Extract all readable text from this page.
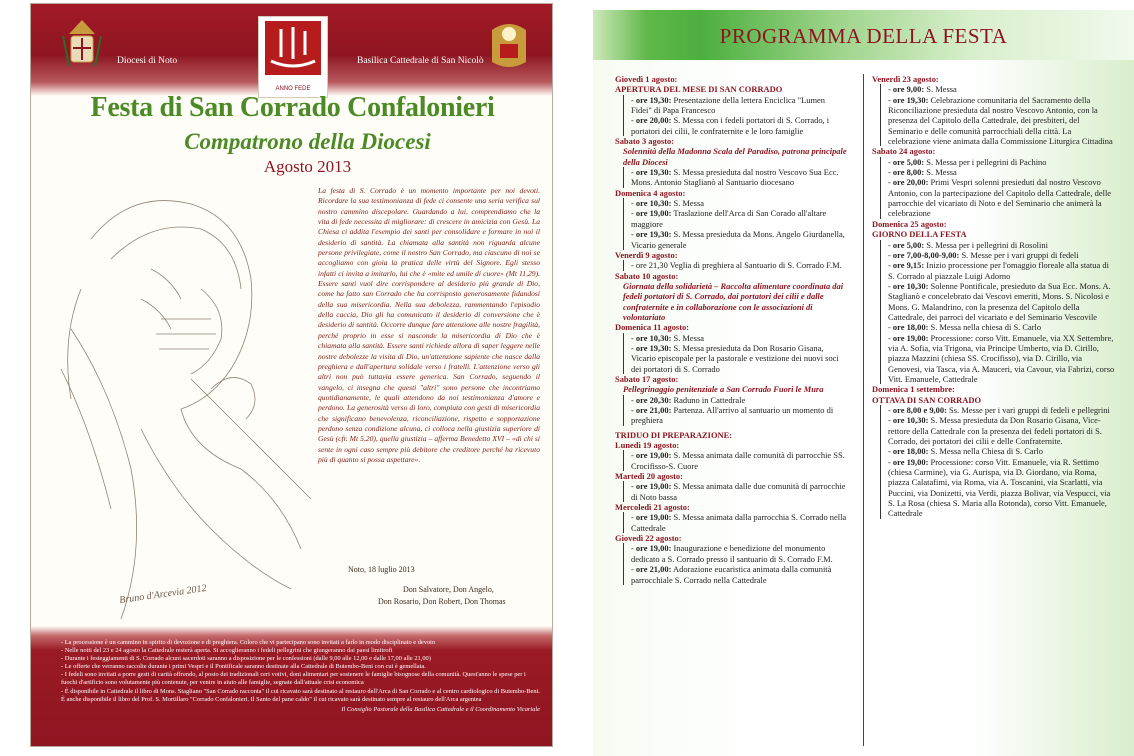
Diocesi di Noto
ANNO FEDE
Basilica Cattedrale di San Nicolò
Festa di San Corrado Confalonieri
Compatrono della Diocesi
Agosto 2013
La festa di S. Corrado è un momento importante per noi devoti. Ricordare la sua testimonianza di fede ci consente una seria verifica sul nostro cammino discepolare. Guardando a lui, comprendiamo che la vita di fede necessita di migliorare: di crescere in amicizia con Gesù. La Chiesa ci addita l'esempio dei santi per consolidare e formare in noi il desiderio di santità. La chiamata alla santità non riguarda alcune persone privilegiate, come il nostro San Corrado, ma ciascuno di noi se accogliamo con gioia la pratica delle virtù del Signore. Egli stesso infatti ci invita a imitarlo, lui che è «mite ed umile di cuore» (Mt 11,29). Essere santi vuol dire corrispondere al desiderio più grande di Dio, come ha fatto san Corrado che ha corrisposto generosamente fidandosi della sua misericordia. Nella sua debolezza, rammentando l'episodio della caccia, Dio gli ha comunicato il desiderio di conversione che è desiderio di santità. Occorre dunque fare attenzione alle nostre fragilità, perché proprio in esse si nasconde la misericordia di Dio che è chiamata alla santità. Essere santi richiede allora di saper leggere nelle nostre debolezze la visita di Dio, un'attenzione sapiente che nasce dalla preghiera e dall'apertura solidale verso i fratelli. L'attenzione verso gli altri non può tuttavia essere generica. San Corrado, seguendo il vangelo, ci insegna che questi "altri" sono persone che incontriamo quotidianamente, le quali attendono da noi testimonianza d'amore e perdono. La generosità verso di loro, compiuta con gesti di misericordia che significano benevolenza, riconciliazione, rispetto e sopportazione perdono senza condizione alcuna, ci colloca nella giustizia superiore di Gesù (cfr. Mt 5,20), quella giustizia – afferma Benedetto XVI – «di chi si sente in ogni caso sempre più debitore che creditore perché ha ricevuto più di quanto si possa aspettare».
Noto, 18 luglio 2013
Don Salvatore, Don Angelo,
Don Rosario, Don Robert, Don Thomas
Bruno d'Arcevia 2012

- La processione è un cammino in spirito di devozione e di preghiera. Coloro che vi partecipano sono invitati a farlo in modo disciplinato e devoto

- Nelle notti del 23 e 24 agosto la Cattedrale resterà aperta. Si accoglieranno i fedeli pellegrini che giungeranno dai paesi limitrofi

- Durante i festeggiamenti di S. Corrado alcuni sacerdoti saranno a disposizione per le confessioni (dalle 9,00 alle 12,00 e dalle 17,00 alle 21,00)

- Le offerte che verranno raccolte durante i primi Vespri e il Pontificale saranno destinate alla Cattedrale di Butembo-Beni con cui è gemellata.

- I fedeli sono invitati a porre gesti di carità offrendo, al posto dei tradizionali ceri votivi, doni alimentari per sostenere le famiglie bisognose della comunità. Quest'anno le spese per i fuochi d'artificio sono volutamente più contenute, per venire in aiuto alle famiglie, segnate dall'attuale crisi economica

- È disponibile in Cattedrale il libro di Mons. Stagliano "San Corrado racconta" il cui ricavato sarà destinato al restauro dell'Arca di San Corrado e al centro cardiologico di Butembo-Beni. È anche disponibile il libro del Prof. S. Mortillaro "Corrado Confalonieri. Il Santo del pane caldo" il cui ricavato sarà destinato sempre al restauro dell'Arca argentea

Il Consiglio Pastorale della Basilica Cattedrale e il Coordinamento Vicariale

PROGRAMMA DELLA FESTA
Giovedì 1 agosto:
APERTURA DEL MESE DI SAN CORRADO
- ore 19,30: Presentazione della lettera Enciclica "Lumen Fidei" di Papa Francesco
- ore 20,00: S. Messa con i fedeli portatori di S. Corrado, i portatori dei cilii, le confraternite e le loro famiglie
Sabato 3 agosto:
Solennità della Madonna Scala del Paradiso, patrona principale della Diocesi
- ore 19,30: S. Messa presieduta dal nostro Vescovo Sua Ecc. Mons. Antonio Staglianò al Santuario diocesano
Domenica 4 agosto:
- ore 10,30: S. Messa
- ore 19,00: Traslazione dell'Arca di San Corado all'altare maggiore
- ore 19,30: S. Messa presieduta da Mons. Angelo Giurdanella, Vicario generale
Venerdì 9 agosto:
- ore 21,30 Veglia di preghiera al Santuario di S. Corrado F.M.
Sabato 10 agosto:
Giornata della solidarietà – Raccolta alimentare coordinata dai fedeli portatori di S. Corrado, dai portatori dei cilii e dalle confraternite e in collaborazione con le associazioni di volontariato
Domenica 11 agosto:
- ore 10,30: S. Messa
- ore 19,30: S. Messa presieduta da Don Rosario Gisana, Vicario episcopale per la pastorale e vestizione dei nuovi soci dei portatori di S. Corrado
Sabato 17 agosto:
Pellegrinaggio penitenziale a San Corrado Fuori le Mura
- ore 20,30: Raduno in Cattedrale
- ore 21,00: Partenza. All'arrivo al santuario un momento di preghiera
TRIDUO DI PREPARAZIONE:
Lunedì 19 agosto:
- ore 19,00: S. Messa animata dalle comunità di parrocchie SS. Crocifisso-S. Cuore
Martedì 20 agosto:
- ore 19,00: S. Messa animata dalle due comunità di parrocchie di Noto bassa
Mercoledì 21 agosto:
- ore 19,00: S. Messa animata dalla parrocchia S. Corrado nella Cattedrale
Giovedì 22 agosto:
- ore 19,00: Inaugurazione e benedizione del monumento dedicato a S. Corrado presso il santuario di S. Corrado F.M.
- ore 21,00: Adorazione eucaristica animata dalla comunità parrocchiale S. Corrado nella Cattedrale
Venerdì 23 agosto:
- ore 9,00: S. Messa
- ore 19,30: Celebrazione comunitaria del Sacramento della Riconciliazione presieduta dal nostro Vescovo Antonio, con la presenza del Capitolo della Cattedrale, dei presbiteri, del Seminario e delle comunità parrocchiali della città. La celebrazione viene animata dalla Commissione Liturgica Cittadina
Sabato 24 agosto:
- ore 5,00: S. Messa per i pellegrini di Pachino
- ore 8,00: S. Messa
- ore 20,00: Primi Vespri solenni presieduti dal nostro Vescovo Antonio, con la partecipazione del Capitolo della Cattedrale, delle parrocchie del vicariato di Noto e del Seminario che animerà la celebrazione
Domenica 25 agosto:
GIORNO DELLA FESTA
- ore 5,00: S. Messa per i pellegrini di Rosolini
- ore 7,00-8,00-9,00: S. Messe per i vari gruppi di fedeli
- ore 9,15: Inizio processione per l'omaggio floreale alla statua di S. Corrado al piazzale Luigi Adorno
- ore 10,30: Solenne Pontificale, presieduto da Sua Ecc. Mons. A. Staglianò e concelebrato dai Vescovi emeriti, Mons. S. Nicolosi e Mons. G. Malandrino, con la presenza del Capitolo della Cattedrale, dei parroci del vicariato e del Seminario Vescovile
- ore 18,00: S. Messa nella chiesa di S. Carlo
- ore 19,00: Processione: corso Vitt. Emanuele, via XX Settembre, via A. Sofia, via Trigona, via Principe Umberto, via D. Cirillo, piazza Mazzini (chiesa SS. Crocifisso), via D. Cirillo, via Genovesi, via Tasca, via A. Mauceri, via Cavour, via Fabrizi, corso Vitt. Emanuele, Cattedrale
Domenica 1 settembre:
OTTAVA DI SAN CORRADO
- ore 8,00 e 9,00: Ss. Messe per i vari gruppi di fedeli e pellegrini
- ore 10,30: S. Messa presieduta da Don Rosario Gisana, Vice-rettore della Cattedrale con la presenza dei fedeli portatori di S. Corrado, dei portatori dei cilii e delle Confraternite.
- ore 18,00: S. Messa nella Chiesa di S. Carlo
- ore 19,00: Processione: corso Vitt. Emanuele, via R. Settimo (chiesa Carmine), via G. Aurispa, via D. Giordano, via Roma, piazza Calatafimi, via Roma, via A. Toscanini, via Scarlatti, via Puccini, via Donizetti, via Verdi, piazza Bolivar, via Vespucci, via S. La Rosa (chiesa S. Maria alla Rotonda), corso Vitt. Emanuele, Cattedrale
